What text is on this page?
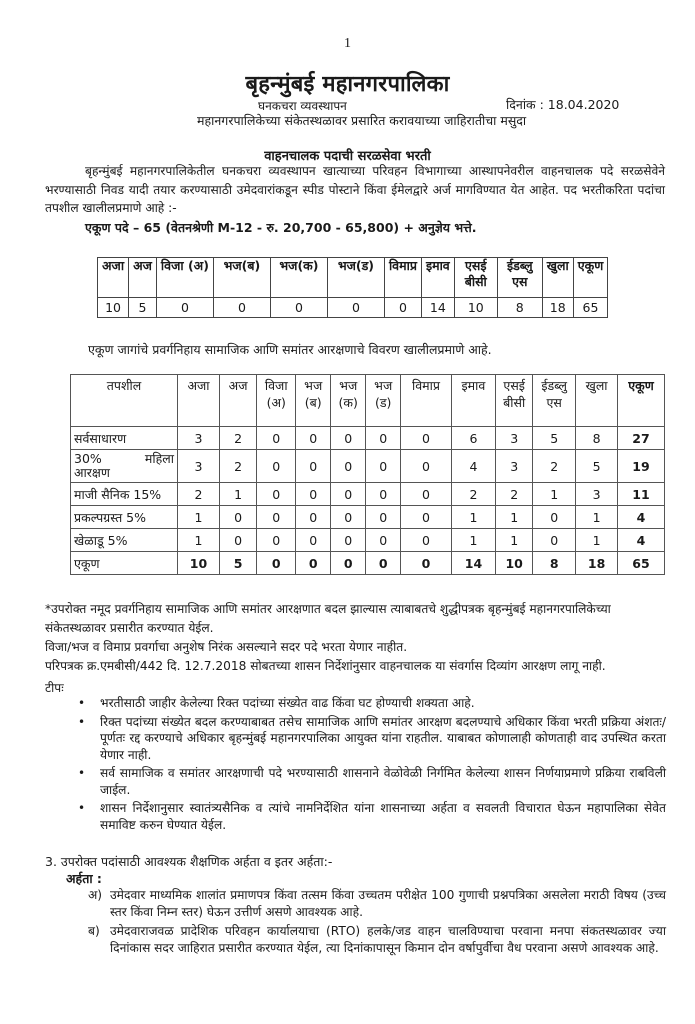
1
बृहन्मुंबई महानगरपालिका
घनकचरा व्यवस्थापन	दिनांक : 18.04.2020
महानगरपालिकेच्या संकेतस्थळावर प्रसारित करावयाच्या जाहिरातीचा मसुदा
वाहनचालक पदाची सरळसेवा भरती
बृहन्मुंबई महानगरपालिकेतील घनकचरा व्यवस्थापन खात्याच्या परिवहन विभागाच्या आस्थापनेवरील वाहनचालक पदे सरळसेवेने भरण्यासाठी निवड यादी तयार करण्यासाठी उमेदवारांकडून स्पीड पोस्टाने किंवा ईमेलद्वारे अर्ज मागविण्यात येत आहेत. पद भरतीकरिता पदांचा तपशील खालीलप्रमाणे आहे :-
एकूण पदे – 65 (वेतनश्रेणी M-12 - रु. 20,700 - 65,800) + अनुज्ञेय भत्ते.
अजा	अज	विजा (अ)	भज(ब)	भज(क)	भज(ड)	विमाप्र	इमाव	एसई बीसी	ईडब्लु एस	खुला	एकूण
10	5	0	0	0	0	0	14	10	8	18	65
एकूण जागांचे प्रवर्गनिहाय सामाजिक आणि समांतर आरक्षणाचे विवरण खालीलप्रमाणे आहे.
तपशील	अजा	अज	विजा (अ)	भज (ब)	भज (क)	भज (ड)	विमाप्र	इमाव	एसई बीसी	ईडब्लु एस	खुला	एकूण
सर्वसाधारण	3	2	0	0	0	0	0	6	3	5	8	27

30% महिला
आरक्षण	3	2	0	0	0	0	0	4	3	2	5	19
माजी सैनिक 15%	2	1	0	0	0	0	0	2	2	1	3	11
प्रकल्पग्रस्त 5%	1	0	0	0	0	0	0	1	1	0	1	4
खेळाडू 5%	1	0	0	0	0	0	0	1	1	0	1	4
एकूण	10	5	0	0	0	0	0	14	10	8	18	65
*उपरोक्त नमूद प्रवर्गनिहाय सामाजिक आणि समांतर आरक्षणात बदल झाल्यास त्याबाबतचे शुद्धीपत्रक बृहन्मुंबई महानगरपालिकेच्या संकेतस्थळावर प्रसारीत करण्यात येईल.
विजा/भज व विमाप्र प्रवर्गाचा अनुशेष निरंक असल्याने सदर पदे भरता येणार नाहीत.
परिपत्रक क्र.एमबीसी/442 दि. 12.7.2018 सोबतच्या शासन निर्देशांनुसार वाहनचालक या संवर्गास दिव्यांग आरक्षण लागू नाही.
टीपः
• भरतीसाठी जाहीर केलेल्या रिक्त पदांच्या संख्येत वाढ किंवा घट होण्याची शक्यता आहे.
• रिक्त पदांच्या संख्येत बदल करण्याबाबत तसेच सामाजिक आणि समांतर आरक्षण बदलण्याचे अधिकार किंवा भरती प्रक्रिया अंशतः/पूर्णतः रद्द करण्याचे अधिकार बृहन्मुंबई महानगरपालिका आयुक्त यांना राहतील. याबाबत कोणालाही कोणताही वाद उपस्थित करता येणार नाही.
• सर्व सामाजिक व समांतर आरक्षणाची पदे भरण्यासाठी शासनाने वेळोवेळी निर्गमित केलेल्या शासन निर्णयाप्रमाणे प्रक्रिया राबविली जाईल.
• शासन निर्देशानुसार स्वातंत्र्यसैनिक व त्यांचे नामनिर्देशित यांना शासनाच्या अर्हता व सवलती विचारात घेऊन महापालिका सेवेत समाविष्ट करुन घेण्यात येईल.
3. उपरोक्त पदांसाठी आवश्यक शैक्षणिक अर्हता व इतर अर्हता:-
अर्हता :
अ) उमेदवार माध्यमिक शालांत प्रमाणपत्र किंवा तत्सम किंवा उच्चतम परीक्षेत 100 गुणाची प्रश्नपत्रिका असलेला मराठी विषय (उच्च स्तर किंवा निम्न स्तर) घेऊन उत्तीर्ण असणे आवश्यक आहे.
ब) उमेदवाराजवळ प्रादेशिक परिवहन कार्यालयाचा (RTO) हलके/जड वाहन चालविण्याचा परवाना मनपा संकतस्थळावर ज्या दिनांकास सदर जाहिरात प्रसारीत करण्यात येईल, त्या दिनांकापासून किमान दोन वर्षापुर्वीचा वैध परवाना असणे आवश्यक आहे.
